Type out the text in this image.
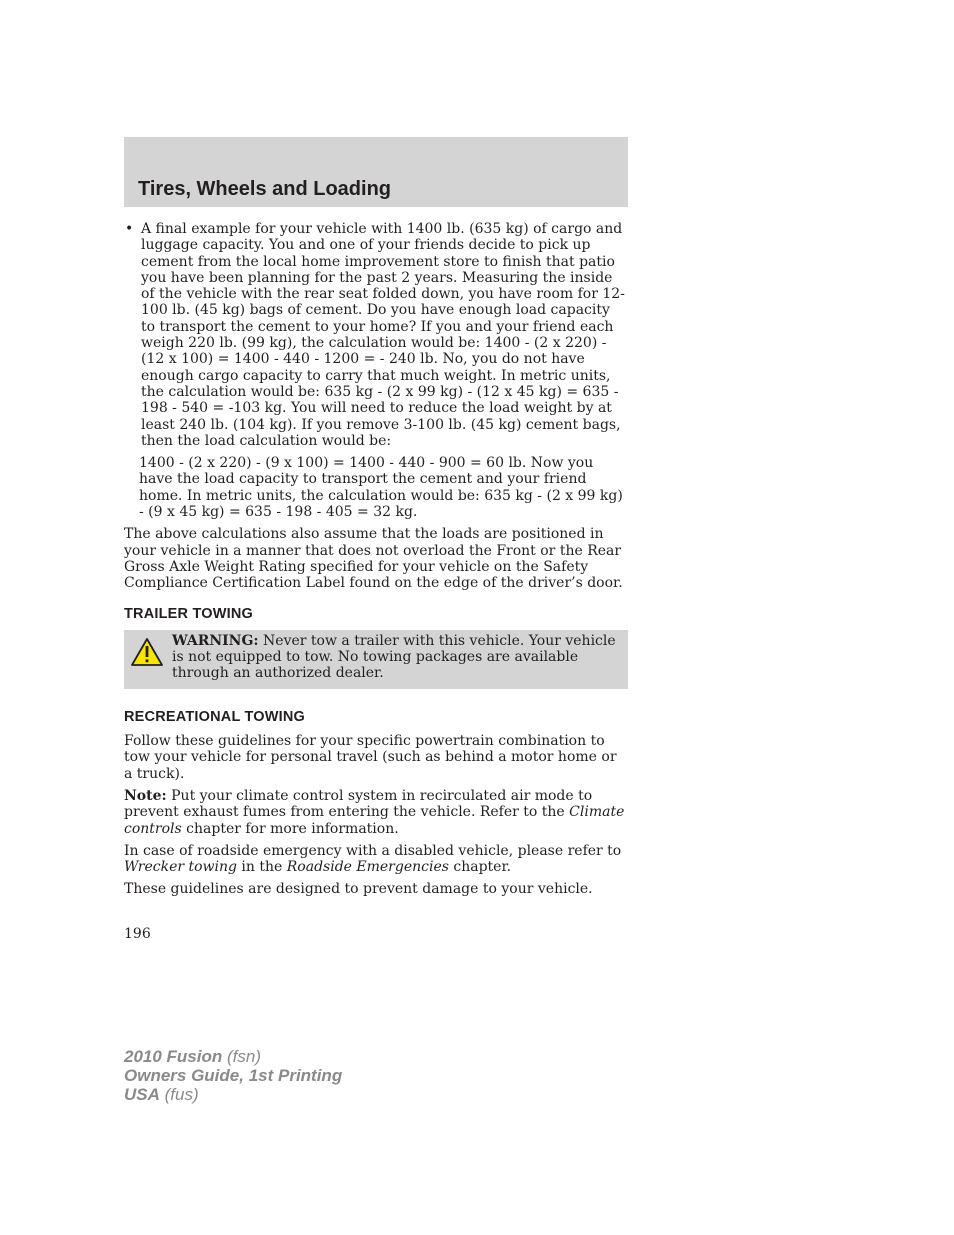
Tires, Wheels and Loading
• A final example for your vehicle with 1400 lb. (635 kg) of cargo and luggage capacity. You and one of your friends decide to pick up cement from the local home improvement store to finish that patio you have been planning for the past 2 years. Measuring the inside of the vehicle with the rear seat folded down, you have room for 12-100 lb. (45 kg) bags of cement. Do you have enough load capacity to transport the cement to your home? If you and your friend each weigh 220 lb. (99 kg), the calculation would be: 1400 - (2 x 220) - (12 x 100) = 1400 - 440 - 1200 = - 240 lb. No, you do not have enough cargo capacity to carry that much weight. In metric units, the calculation would be: 635 kg - (2 x 99 kg) - (12 x 45 kg) = 635 - 198 - 540 = -103 kg. You will need to reduce the load weight by at least 240 lb. (104 kg). If you remove 3-100 lb. (45 kg) cement bags, then the load calculation would be:

1400 - (2 x 220) - (9 x 100) = 1400 - 440 - 900 = 60 lb. Now you have the load capacity to transport the cement and your friend home. In metric units, the calculation would be: 635 kg - (2 x 99 kg) - (9 x 45 kg) = 635 - 198 - 405 = 32 kg.

The above calculations also assume that the loads are positioned in your vehicle in a manner that does not overload the Front or the Rear Gross Axle Weight Rating specified for your vehicle on the Safety Compliance Certification Label found on the edge of the driver’s door.

TRAILER TOWING

WARNING: Never tow a trailer with this vehicle. Your vehicle is not equipped to tow. No towing packages are available through an authorized dealer.

RECREATIONAL TOWING

Follow these guidelines for your specific powertrain combination to tow your vehicle for personal travel (such as behind a motor home or a truck).

Note: Put your climate control system in recirculated air mode to prevent exhaust fumes from entering the vehicle. Refer to the Climate controls chapter for more information.

In case of roadside emergency with a disabled vehicle, please refer to Wrecker towing in the Roadside Emergencies chapter.

These guidelines are designed to prevent damage to your vehicle.

196
2010 Fusion (fsn)
Owners Guide, 1st Printing
USA (fus)
